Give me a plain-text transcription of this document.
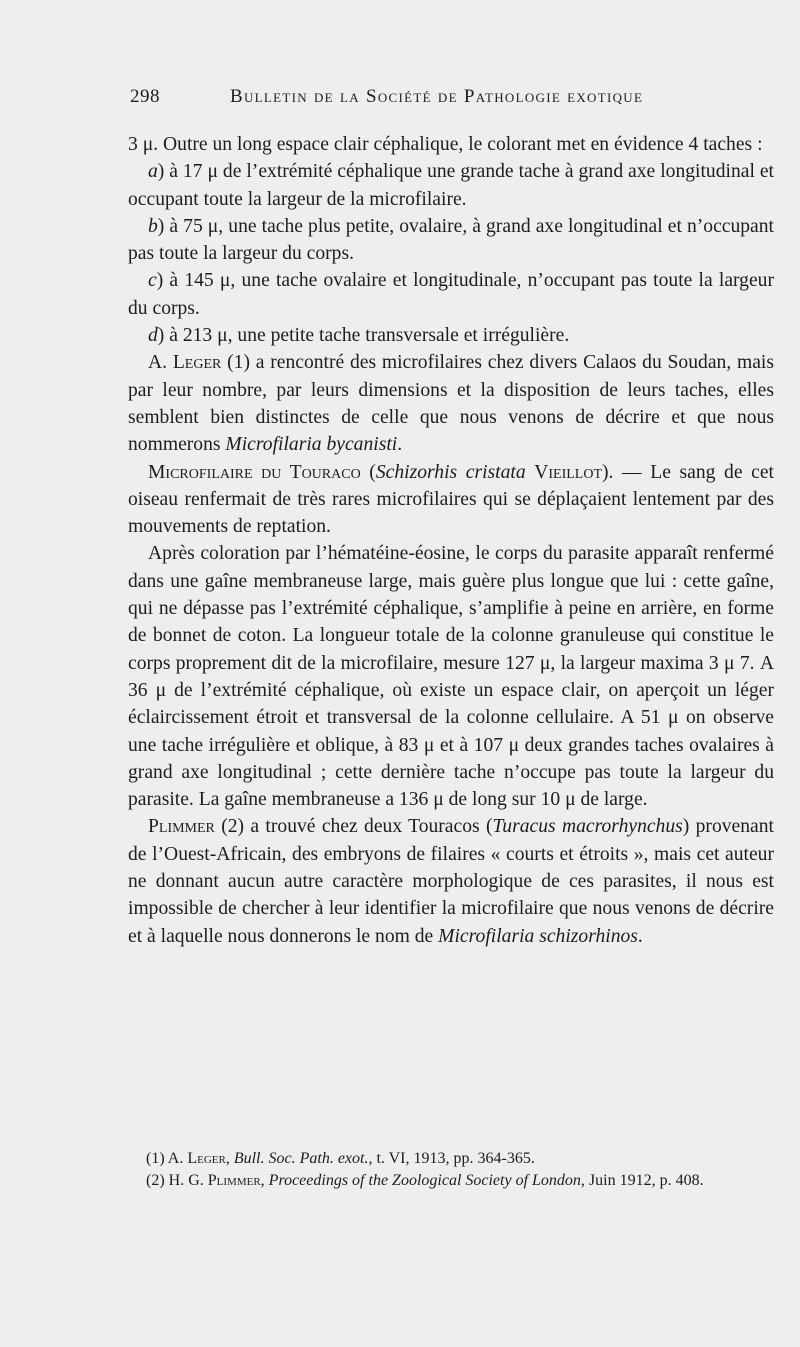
298	Bulletin de la Société de Pathologie exotique

3 μ. Outre un long espace clair céphalique, le colorant met en évidence 4 taches :

a) à 17 μ de l’extrémité céphalique une grande tache à grand axe longitudinal et occupant toute la largeur de la microfilaire.

b) à 75 μ, une tache plus petite, ovalaire, à grand axe longitudinal et n’occupant pas toute la largeur du corps.

c) à 145 μ, une tache ovalaire et longitudinale, n’occupant pas toute la largeur du corps.

d) à 213 μ, une petite tache transversale et irrégulière.

A. Leger (1) a rencontré des microfilaires chez divers Calaos du Soudan, mais par leur nombre, par leurs dimensions et la disposition de leurs taches, elles semblent bien distinctes de celle que nous venons de décrire et que nous nommerons Microfilaria bycanisti.

Microfilaire du Touraco (Schizorhis cristata Vieillot). — Le sang de cet oiseau renfermait de très rares microfilaires qui se déplaçaient lentement par des mouvements de reptation.

Après coloration par l’hématéine-éosine, le corps du parasite apparaît renfermé dans une gaîne membraneuse large, mais guère plus longue que lui : cette gaîne, qui ne dépasse pas l’extrémité céphalique, s’amplifie à peine en arrière, en forme de bonnet de coton. La longueur totale de la colonne granuleuse qui constitue le corps proprement dit de la microfilaire, mesure 127 μ, la largeur maxima 3 μ 7. A 36 μ de l’extrémité céphalique, où existe un espace clair, on aperçoit un léger éclaircissement étroit et transversal de la colonne cellulaire. A 51 μ on observe une tache irrégulière et oblique, à 83 μ et à 107 μ deux grandes taches ovalaires à grand axe longitudinal ; cette dernière tache n’occupe pas toute la largeur du parasite. La gaîne membraneuse a 136 μ de long sur 10 μ de large.

Plimmer (2) a trouvé chez deux Touracos (Turacus macrorhynchus) provenant de l’Ouest-Africain, des embryons de filaires « courts et étroits », mais cet auteur ne donnant aucun autre caractère morphologique de ces parasites, il nous est impossible de chercher à leur identifier la microfilaire que nous venons de décrire et à laquelle nous donnerons le nom de Microfilaria schizorhinos.

(1) A. Leger, Bull. Soc. Path. exot., t. VI, 1913, pp. 364-365.

(2) H. G. Plimmer, Proceedings of the Zoological Society of London, Juin 1912, p. 408.
